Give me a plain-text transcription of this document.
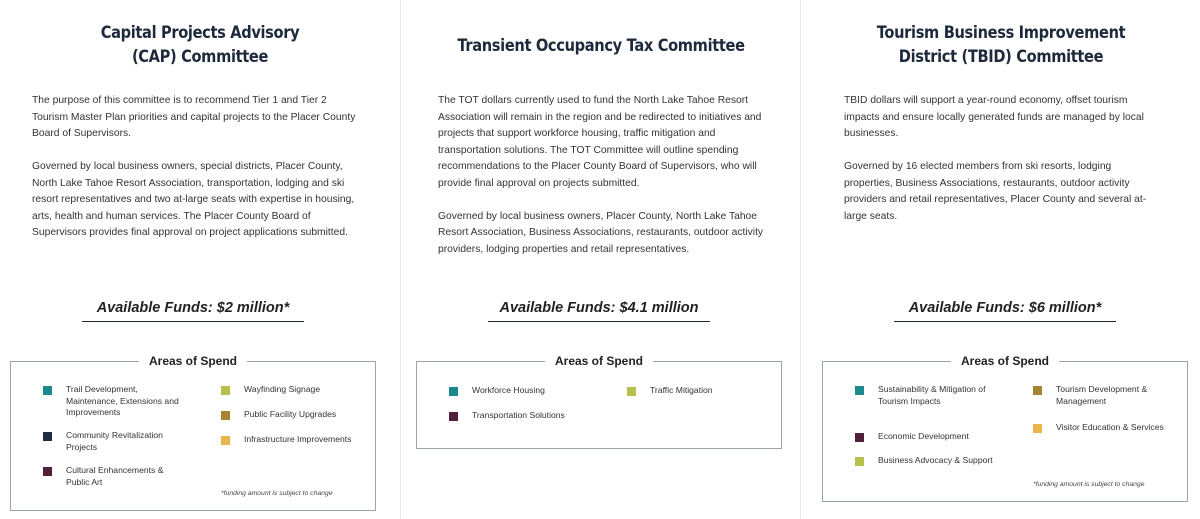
Capital Projects Advisory
(CAP) Committee

The purpose of this committee is to recommend Tier 1 and Tier 2 Tourism Master Plan priorities and capital projects to the Placer County Board of Supervisors.

Governed by local business owners, special districts, Placer County, North Lake Tahoe Resort Association, transportation, lodging and ski resort representatives and two at-large seats with expertise in housing, arts, health and human services. The Placer County Board of Supervisors provides final approval on project applications submitted.

Available Funds: $2 million*
Areas of Spend
Trail Development, Maintenance, Extensions and Improvements
Community Revitalization Projects
Cultural Enhancements & Public Art
Wayfinding Signage
Public Facility Upgrades
Infrastructure Improvements
*funding amount is subject to change
Transient Occupancy Tax Committee

The TOT dollars currently used to fund the North Lake Tahoe Resort Association will remain in the region and be redirected to initiatives and projects that support workforce housing, traffic mitigation and transportation solutions. The TOT Committee will outline spending recommendations to the Placer County Board of Supervisors, who will provide final approval on projects submitted.

Governed by local business owners, Placer County, North Lake Tahoe Resort Association, Business Associations, restaurants, outdoor activity providers, lodging properties and retail representatives.

Available Funds: $4.1 million
Areas of Spend
Workforce Housing
Transportation Solutions
Traffic Mitigation
Tourism Business Improvement
District (TBID) Committee

TBID dollars will support a year-round economy, offset tourism impacts and ensure locally generated funds are managed by local businesses.

Governed by 16 elected members from ski resorts, lodging properties, Business Associations, restaurants, outdoor activity providers and retail representatives, Placer County and several at-large seats.

Available Funds: $6 million*
Areas of Spend
Sustainability & Mitigation of Tourism Impacts
Economic Development
Business Advocacy & Support
Tourism Development & Management
Visitor Education & Services
*funding amount is subject to change
